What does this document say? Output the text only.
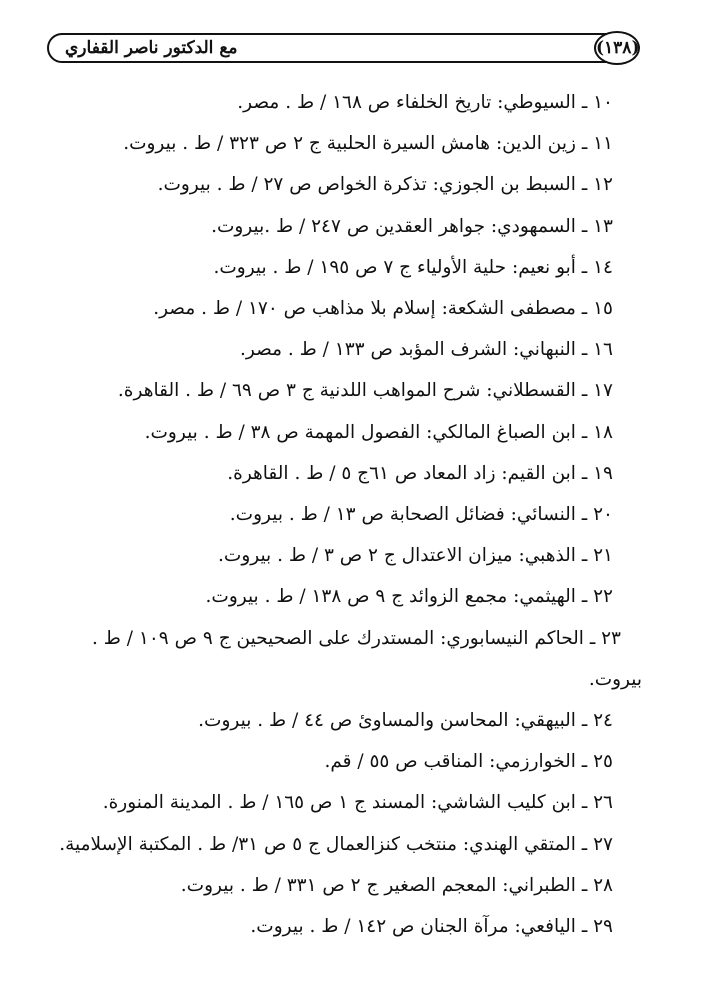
مع الدكتور ناصر القفاري	(١٣٨)
١٠ ـ السيوطي: تاريخ الخلفاء ص ١٦٨ / ط . مصر.
١١ ـ زين الدين: هامش السيرة الحلبية ج ٢ ص ٣٢٣ / ط . بيروت.
١٢ ـ السبط بن الجوزي: تذكرة الخواص ص ٢٧ / ط . بيروت.
١٣ ـ السمهودي: جواهر العقدين ص ٢٤٧ / ط .بيروت.
١٤ ـ أبو نعيم: حلية الأولياء ج ٧ ص ١٩٥ / ط . بيروت.
١٥ ـ مصطفى الشكعة: إسلام بلا مذاهب ص ١٧٠ / ط . مصر.
١٦ ـ النبهاني: الشرف المؤبد ص ١٣٣ / ط . مصر.
١٧ ـ القسطلاني: شرح المواهب اللدنية ج ٣ ص ٦٩ / ط . القاهرة.
١٨ ـ ابن الصباغ المالكي: الفصول المهمة ص ٣٨ / ط . بيروت.
١٩ ـ ابن القيم: زاد المعاد ص ٦١ج ٥ / ط . القاهرة.
٢٠ ـ النسائي: فضائل الصحابة ص ١٣ / ط . بيروت.
٢١ ـ الذهبي: ميزان الاعتدال ج ٢ ص ٣ / ط . بيروت.
٢٢ ـ الهيثمي: مجمع الزوائد ج ٩ ص ١٣٨ / ط . بيروت.
٢٣ ـ الحاكم النيسابوري: المستدرك على الصحيحين ج ٩ ص ١٠٩ / ط .
بيروت.
٢٤ ـ البيهقي: المحاسن والمساوئ ص ٤٤ / ط . بيروت.
٢٥ ـ الخوارزمي: المناقب ص ٥٥ / قم.
٢٦ ـ ابن كليب الشاشي: المسند ج ١ ص ١٦٥ / ط . المدينة المنورة.
٢٧ ـ المتقي الهندي: منتخب كنزالعمال ج ٥ ص ٣١/ ط . المكتبة الإسلامية.
٢٨ ـ الطبراني: المعجم الصغير ج ٢ ص ٣٣١ / ط . بيروت.
٢٩ ـ اليافعي: مرآة الجنان ص ١٤٢ / ط . بيروت.
